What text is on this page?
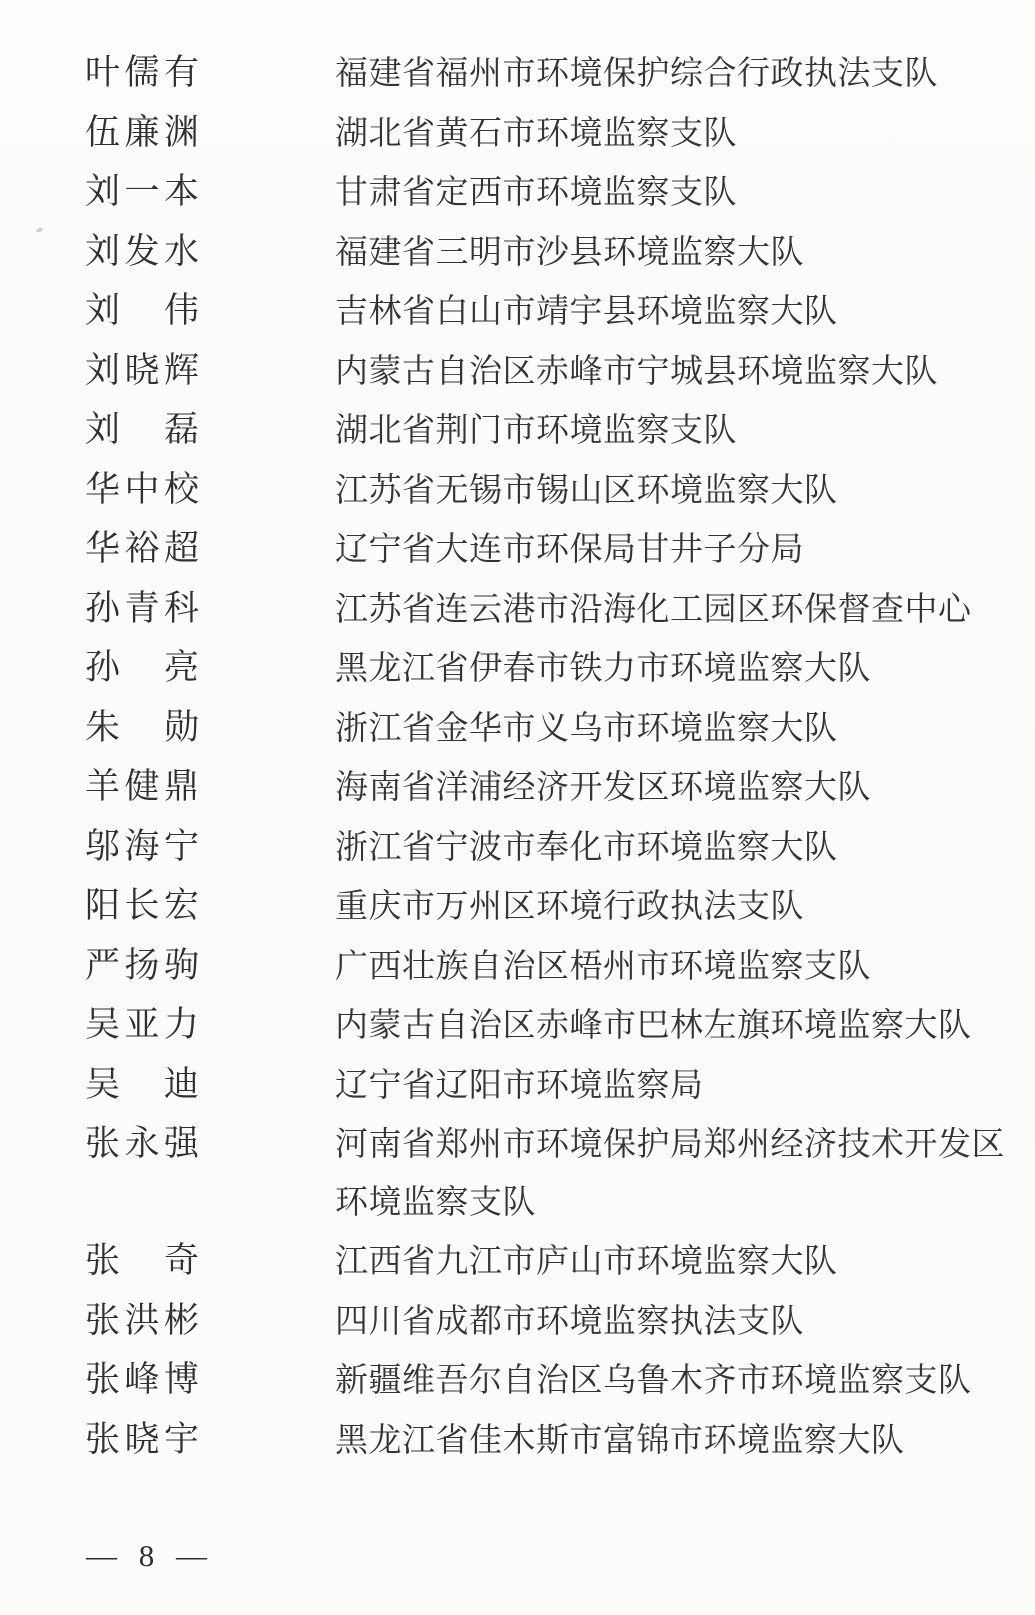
叶儒有	福建省福州市环境保护综合行政执法支队
伍廉渊	湖北省黄石市环境监察支队
刘一本	甘肃省定西市环境监察支队
刘发水	福建省三明市沙县环境监察大队
刘伟	吉林省白山市靖宇县环境监察大队
刘晓辉	内蒙古自治区赤峰市宁城县环境监察大队
刘磊	湖北省荆门市环境监察支队
华中校	江苏省无锡市锡山区环境监察大队
华裕超	辽宁省大连市环保局甘井子分局
孙青科	江苏省连云港市沿海化工园区环保督查中心
孙亮	黑龙江省伊春市铁力市环境监察大队
朱勋	浙江省金华市义乌市环境监察大队
羊健鼎	海南省洋浦经济开发区环境监察大队
邬海宁	浙江省宁波市奉化市环境监察大队
阳长宏	重庆市万州区环境行政执法支队
严扬驹	广西壮族自治区梧州市环境监察支队
吴亚力	内蒙古自治区赤峰市巴林左旗环境监察大队
吴迪	辽宁省辽阳市环境监察局
张永强	河南省郑州市环境保护局郑州经济技术开发区环境监察支队
张奇	江西省九江市庐山市环境监察大队
张洪彬	四川省成都市环境监察执法支队
张峰博	新疆维吾尔自治区乌鲁木齐市环境监察支队
张晓宇	黑龙江省佳木斯市富锦市环境监察大队
— 8 —
